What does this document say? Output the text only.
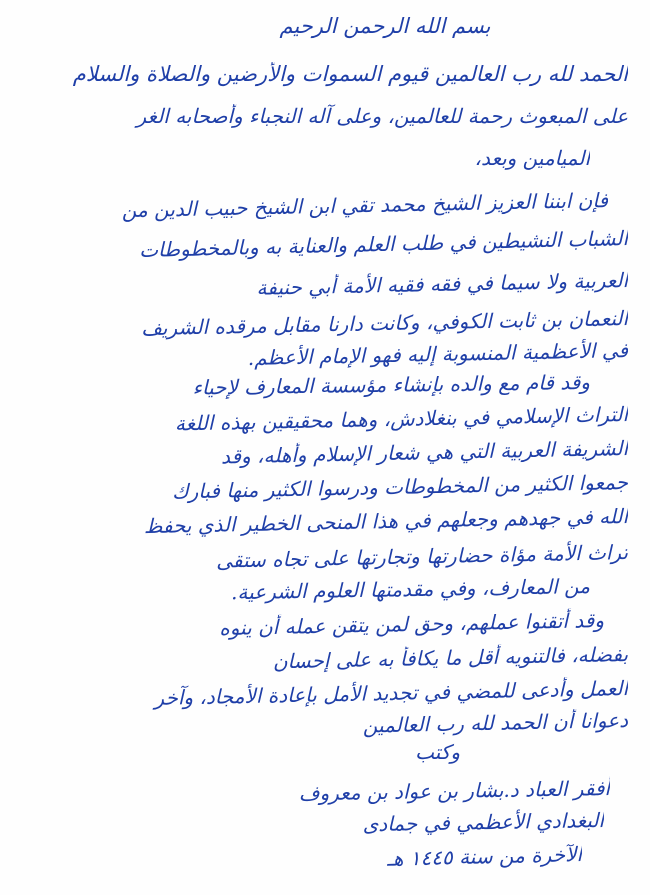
بسم الله الرحمن الرحيم

الحمد لله رب العالمين قيوم السموات والأرضين والصلاة والسلام

على المبعوث رحمة للعالمين، وعلى آله النجباء وأصحابه الغر

الميامين وبعد،

فإن ابننا العزيز الشيخ محمد تقي ابن الشيخ حبيب الدين من

الشباب النشيطين في طلب العلم والعناية به وبالمخطوطات

العربية ولا سيما في فقه فقيه الأمة أبي حنيفة

النعمان بن ثابت الكوفي، وكانت دارنا مقابل مرقده الشريف

في الأعظمية المنسوبة إليه فهو الإمام الأعظم.

وقد قام مع والده بإنشاء مؤسسة المعارف لإحياء

التراث الإسلامي في بنغلادش، وهما محقيقين بهذه اللغة

الشريفة العربية التي هي شعار الإسلام وأهله، وقد

جمعوا الكثير من المخطوطات ودرسوا الكثير منها فبارك

الله في جهدهم وجعلهم في هذا المنحى الخطير الذي يحفظ

تراث الأمة مؤاة حضارتها وتجارتها على تجاه ستقى

من المعارف، وفي مقدمتها العلوم الشرعية.

وقد أتقنوا عملهم، وحق لمن يتقن عمله أن ينوه

بفضله، فالتنويه أقل ما يكافأ به على إحسان

العمل وأدعى للمضي في تجديد الأمل بإعادة الأمجاد، وآخر

دعوانا أن الحمد لله رب العالمين

وكتب

أفقر العباد د.بشار بن عواد بن معروف

البغدادي الأعظمي في جمادى

الآخرة من سنة ١٤٤٥ هـ
